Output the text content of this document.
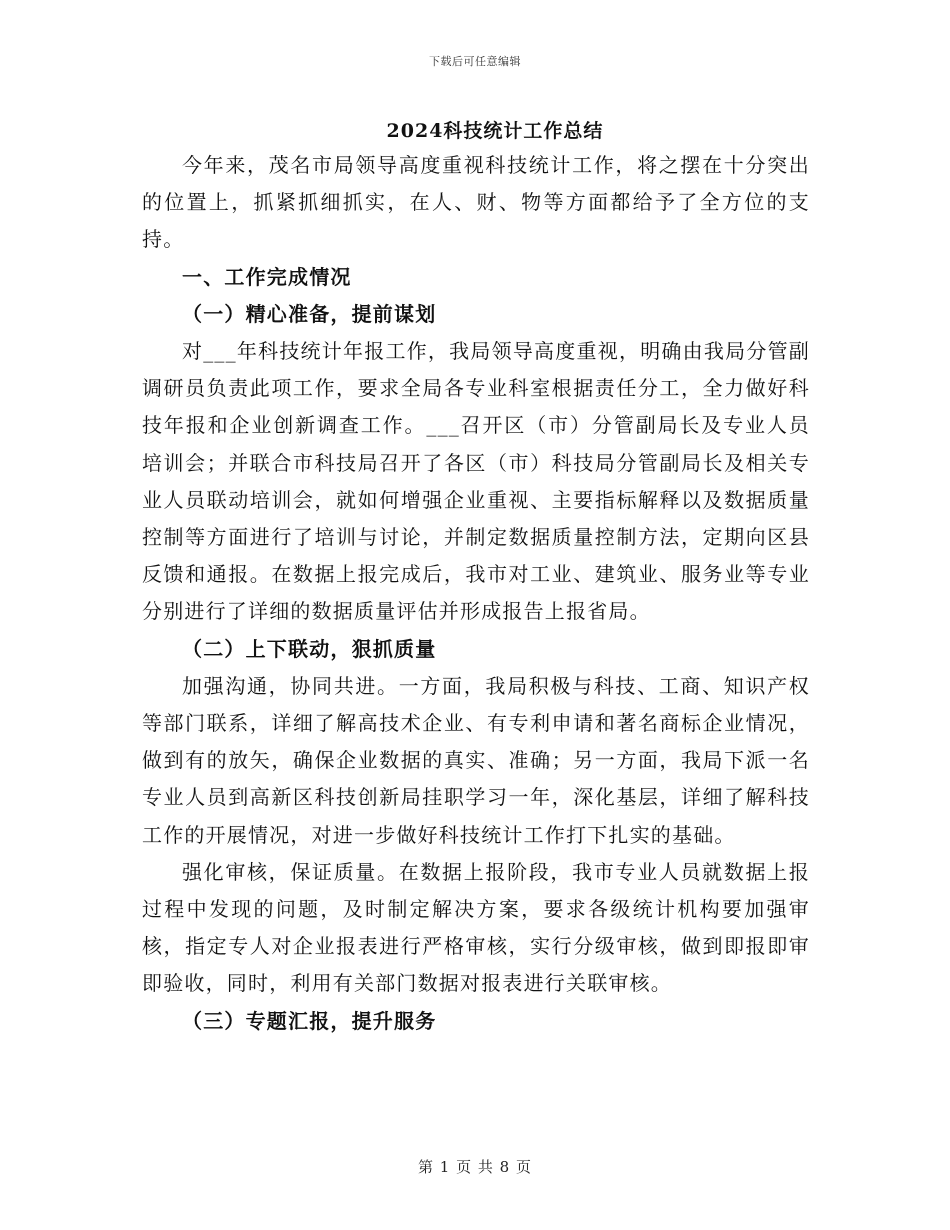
下载后可任意编辑
2024科技统计工作总结

今年来，茂名市局领导高度重视科技统计工作，将之摆在十分突出的位置上，抓紧抓细抓实，在人、财、物等方面都给予了全方位的支持。

一、工作完成情况

（一）精心准备，提前谋划

对___年科技统计年报工作，我局领导高度重视，明确由我局分管副调研员负责此项工作，要求全局各专业科室根据责任分工，全力做好科技年报和企业创新调查工作。___召开区（市）分管副局长及专业人员培训会；并联合市科技局召开了各区（市）科技局分管副局长及相关专业人员联动培训会，就如何增强企业重视、主要指标解释以及数据质量控制等方面进行了培训与讨论，并制定数据质量控制方法，定期向区县反馈和通报。在数据上报完成后，我市对工业、建筑业、服务业等专业分别进行了详细的数据质量评估并形成报告上报省局。

（二）上下联动，狠抓质量

加强沟通，协同共进。一方面，我局积极与科技、工商、知识产权等部门联系，详细了解高技术企业、有专利申请和著名商标企业情况，做到有的放矢，确保企业数据的真实、准确；另一方面，我局下派一名专业人员到高新区科技创新局挂职学习一年，深化基层，详细了解科技工作的开展情况，对进一步做好科技统计工作打下扎实的基础。

强化审核，保证质量。在数据上报阶段，我市专业人员就数据上报过程中发现的问题，及时制定解决方案，要求各级统计机构要加强审核，指定专人对企业报表进行严格审核，实行分级审核，做到即报即审即验收，同时，利用有关部门数据对报表进行关联审核。

（三）专题汇报，提升服务

第 1 页 共 8 页
